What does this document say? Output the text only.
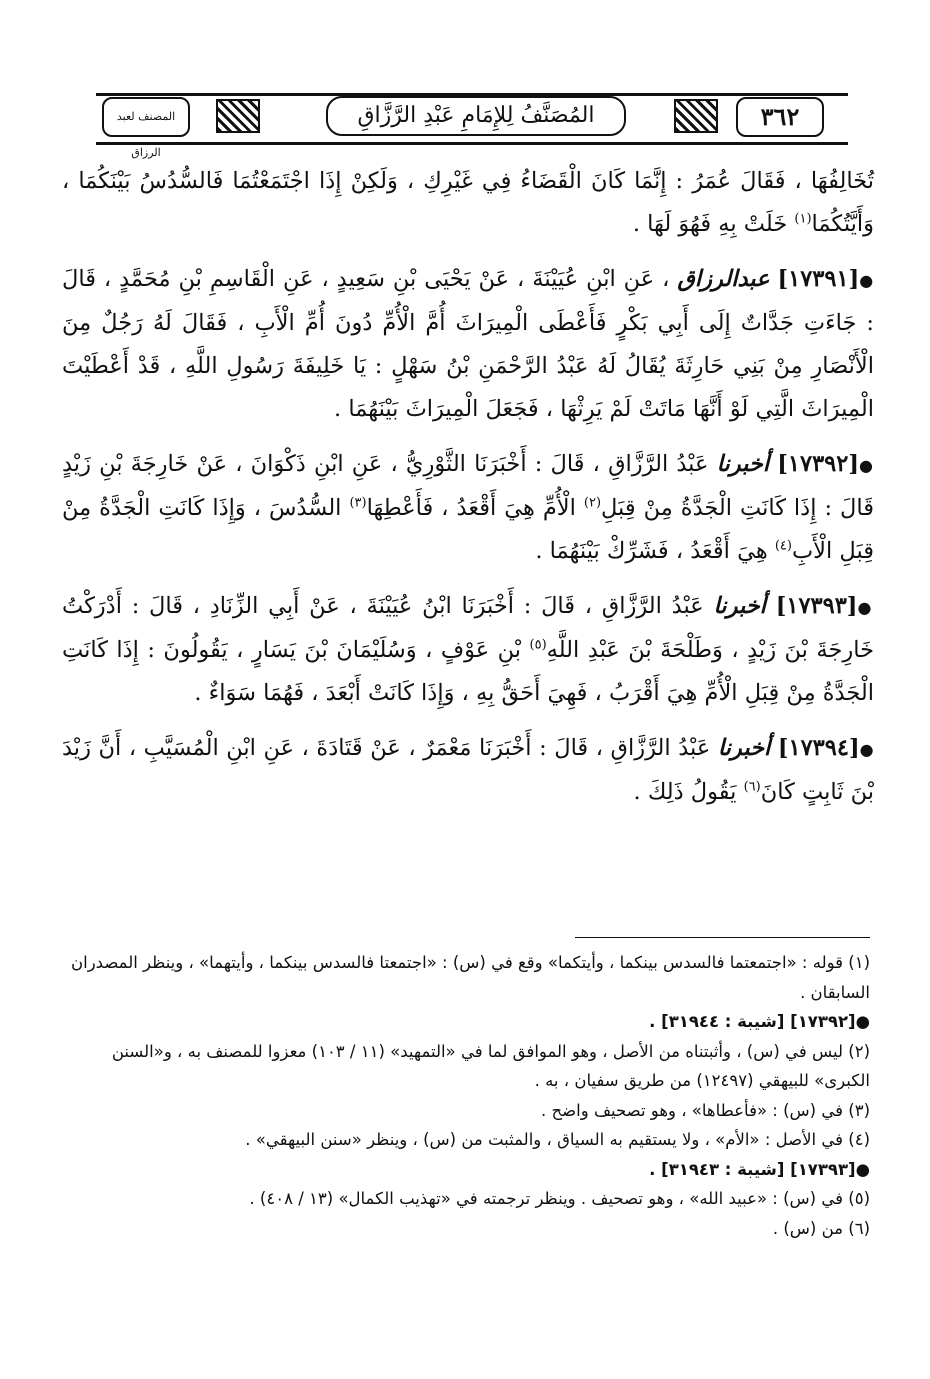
المصنف لعبد الرزاق
المُصَنَّفُ لِلإِمَامِ عَبْدِ الرَّزَّاقِ	٣٦٢

تُخَالِفُهَا ، فَقَالَ عُمَرُ : إِنَّمَا كَانَ الْقَضَاءُ فِي غَيْرِكِ ، وَلَكِنْ إِذَا اجْتَمَعْتُمَا فَالسُّدُسُ بَيْنَكُمَا ، وَأَيَّتُكُمَا$^{(١)}$ خَلَتْ بِهِ فَهُوَ لَهَا .

●[١٧٣٩١] عبدالرزاق ، عَنِ ابْنِ عُيَيْنَةَ ، عَنْ يَحْيَى بْنِ سَعِيدٍ ، عَنِ الْقَاسِمِ بْنِ مُحَمَّدٍ ، قَالَ : جَاءَتِ جَدَّاتٌ إِلَى أَبِي بَكْرٍ فَأَعْطَى الْمِيرَاثَ أُمَّ الْأُمِّ دُونَ أُمِّ الْأَبِ ، فَقَالَ لَهُ رَجُلٌ مِنَ الْأَنْصَارِ مِنْ بَنِي حَارِثَةَ يُقَالُ لَهُ عَبْدُ الرَّحْمَنِ بْنُ سَهْلٍ : يَا خَلِيفَةَ رَسُولِ اللَّهِ ، قَدْ أَعْطَيْتَ الْمِيرَاثَ الَّتِي لَوْ أَنَّهَا مَاتَتْ لَمْ يَرِثْهَا ، فَجَعَلَ الْمِيرَاثَ بَيْنَهُمَا .

●[١٧٣٩٢] أخبرنا عَبْدُ الرَّزَّاقِ ، قَالَ : أَخْبَرَنَا الثَّوْرِيُّ ، عَنِ ابْنِ ذَكْوَانَ ، عَنْ خَارِجَةَ بْنِ زَيْدٍ قَالَ : إِذَا كَانَتِ الْجَدَّةُ مِنْ قِبَلِ$^{(٢)}$ الْأُمِّ هِيَ أَقْعَدُ ، فَأَعْطِهَا$^{(٣)}$ السُّدُسَ ، وَإِذَا كَانَتِ الْجَدَّةُ مِنْ قِبَلِ الْأَبِ$^{(٤)}$ هِيَ أَقْعَدُ ، فَشَرِّكْ بَيْنَهُمَا .

●[١٧٣٩٣] أخبرنا عَبْدُ الرَّزَّاقِ ، قَالَ : أَخْبَرَنَا ابْنُ عُيَيْنَةَ ، عَنْ أَبِي الزِّنَادِ ، قَالَ : أَدْرَكْتُ خَارِجَةَ بْنَ زَيْدٍ ، وَطَلْحَةَ بْنَ عَبْدِ اللَّهِ$^{(٥)}$ بْنِ عَوْفٍ ، وَسُلَيْمَانَ بْنَ يَسَارٍ ، يَقُولُونَ : إِذَا كَانَتِ الْجَدَّةُ مِنْ قِبَلِ الْأُمِّ هِيَ أَقْرَبُ ، فَهِيَ أَحَقُّ بِهِ ، وَإِذَا كَانَتْ أَبْعَدَ ، فَهُمَا سَوَاءٌ .

●[١٧٣٩٤] أخبرنا عَبْدُ الرَّزَّاقِ ، قَالَ : أَخْبَرَنَا مَعْمَرٌ ، عَنْ قَتَادَةَ ، عَنِ ابْنِ الْمُسَيَّبِ ، أَنَّ زَيْدَ بْنَ ثَابِتٍ كَانَ$^{(٦)}$ يَقُولُ ذَلِكَ .

(١) قوله : «اجتمعتما فالسدس بينكما ، وأيتكما» وقع في (س) : «اجتمعتا فالسدس بينكما ، وأيتهما» ، وينظر المصدران السابقان .

●[١٧٣٩٢] [شيبة : ٣١٩٤٤] .

(٢) ليس في (س) ، وأثبتناه من الأصل ، وهو الموافق لما في «التمهيد» (١١ / ١٠٣) معزوا للمصنف به ، و«السنن الكبرى» للبيهقي (١٢٤٩٧) من طريق سفيان ، به .

(٣) في (س) : «فأعطاها» ، وهو تصحيف واضح .

(٤) في الأصل : «الأم» ، ولا يستقيم به السياق ، والمثبت من (س) ، وينظر «سنن البيهقي» .

●[١٧٣٩٣] [شيبة : ٣١٩٤٣] .

(٥) في (س) : «عبيد الله» ، وهو تصحيف . وينظر ترجمته في «تهذيب الكمال» (١٣ / ٤٠٨) .

(٦) من (س) .
